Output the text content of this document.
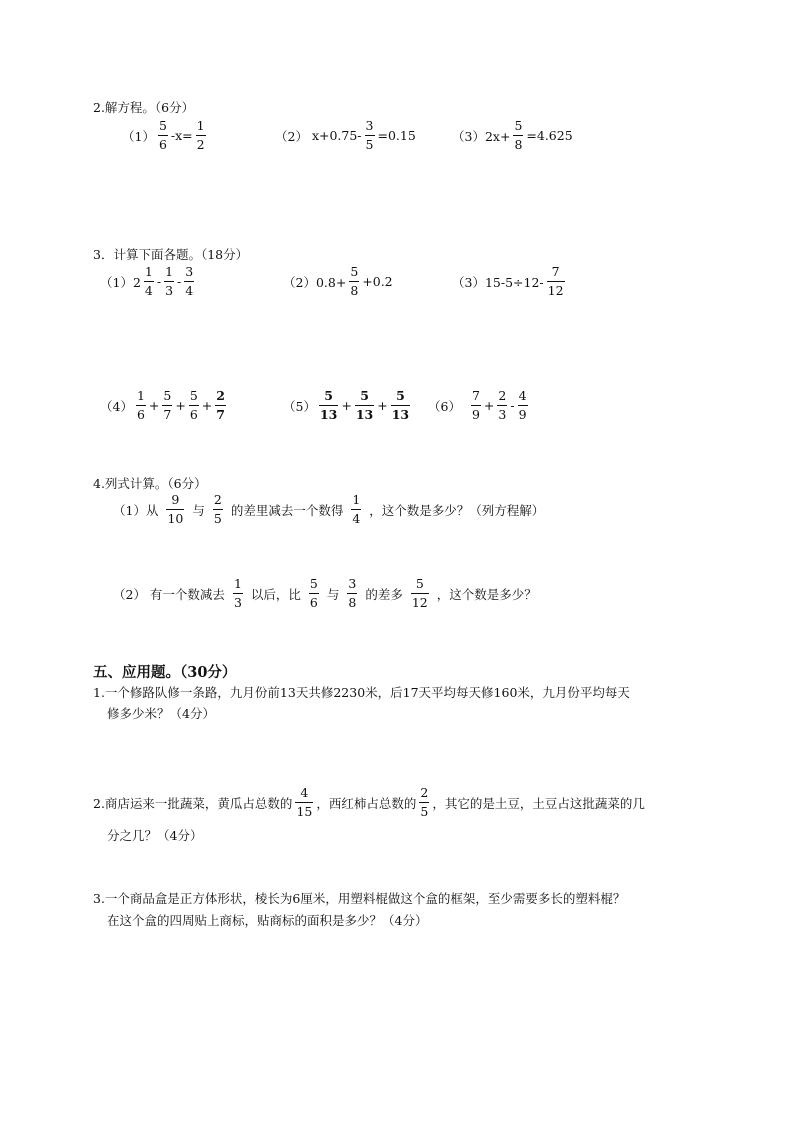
2.解方程。（6分）
$(1) \frac{5}{6} -x= \frac{1}{2}$	（2） $x+0.75- \frac{3}{5} =0.15$	$(3)2x+ \frac{5}{8} =4.625$
3．计算下面各题。（18分）
$(1)2 \frac{1}{4} - \frac{1}{3} - \frac{3}{4}$	$(2)0.8+ \frac{5}{8} +0.2$	$(3)15-5\div 12- \frac{7}{12}$
$(4) \frac{1}{6} + \frac{5}{7} + \frac{5}{6} + \frac{2}{7}$	$(5) \frac{5}{13} + \frac{5}{13} + \frac{5}{13} (6) \frac{7}{9} + \frac{2}{3} - \frac{4}{9}$
4.列式计算。（6分）
（1）从 $\frac{9}{10}$ 与 $\frac{2}{5}$ 的差里减去一个数得 $\frac{1}{4}$ ，这个数是多少？（列方程解）
（2） 有一个数减去 $\frac{1}{3}$ 以后，比 $\frac{5}{6}$ 与 $\frac{3}{8}$ 的差多 $\frac{5}{12}$ ，这个数是多少？
五、应用题。（30分）
1.一个修路队修一条路，九月份前13天共修2230米，后17天平均每天修160米，九月份平均每天
修多少米？（4分）
2.商店运来一批蔬菜，黄瓜占总数的 $\frac{4}{15}$ ，西红柿占总数的 $\frac{2}{5}$ ，其它的是土豆，土豆占这批蔬菜的几
分之几？（4分）
3.一个商品盒是正方体形状，棱长为6厘米，用塑料棍做这个盒的框架，至少需要多长的塑料棍？
在这个盒的四周贴上商标，贴商标的面积是多少？（4分）
